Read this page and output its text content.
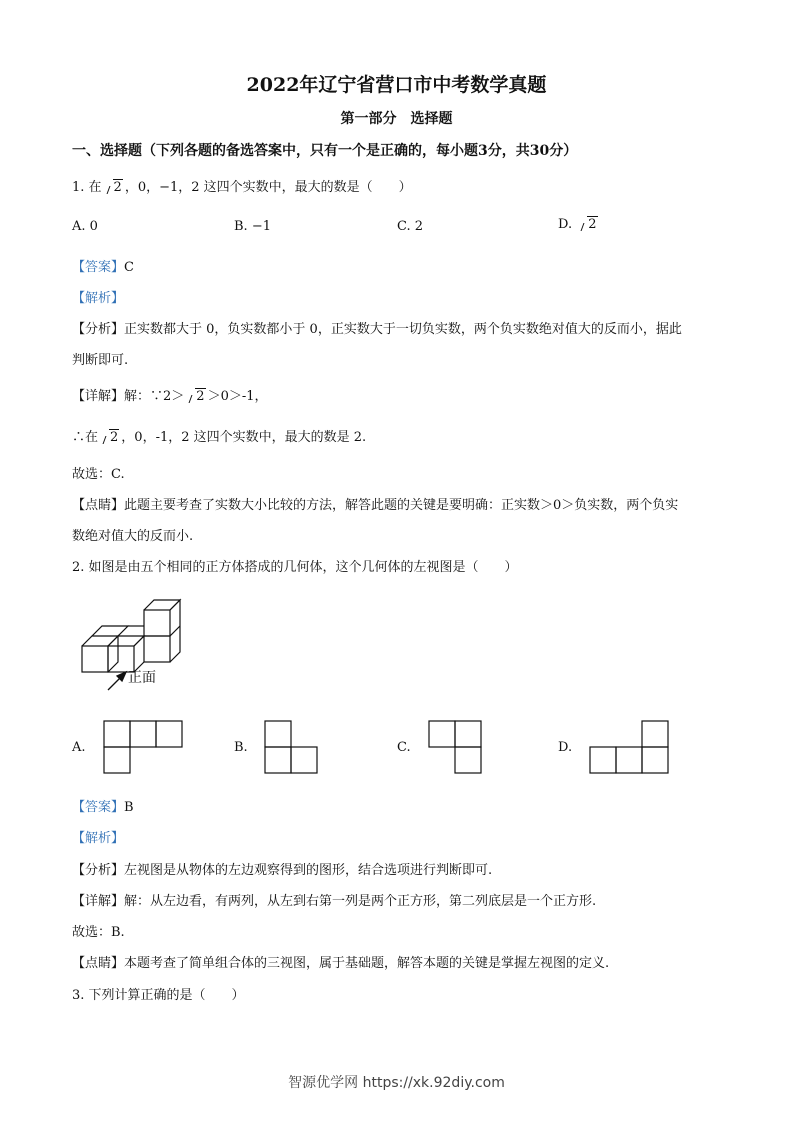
2022年辽宁省营口市中考数学真题
第一部分　选择题
一、选择题（下列各题的备选答案中，只有一个是正确的，每小题3分，共30分）
1. 在 2 ，0，−1，2 这四个实数中，最大的数是（　　）
A. 0	B. −1	C. 2	D. 2
【答案】C
【解析】
【分析】正实数都大于 0，负实数都小于 0，正实数大于一切负实数，两个负实数绝对值大的反而小，据此
判断即可.
【详解】解：∵2＞ 2 ＞0＞-1，
∴在 2 ，0，-1，2 这四个实数中，最大的数是 2.
故选：C.
【点睛】此题主要考查了实数大小比较的方法，解答此题的关键是要明确：正实数＞0＞负实数，两个负实
数绝对值大的反而小.
2. 如图是由五个相同的正方体搭成的几何体，这个几何体的左视图是（　　）
正面
A.	B.	C.	D.
【答案】B
【解析】
【分析】左视图是从物体的左边观察得到的图形，结合选项进行判断即可.
【详解】解：从左边看，有两列，从左到右第一列是两个正方形，第二列底层是一个正方形.
故选：B.
【点睛】本题考查了简单组合体的三视图，属于基础题，解答本题的关键是掌握左视图的定义.
3. 下列计算正确的是（　　）
智源优学网 https://xk.92diy.com
